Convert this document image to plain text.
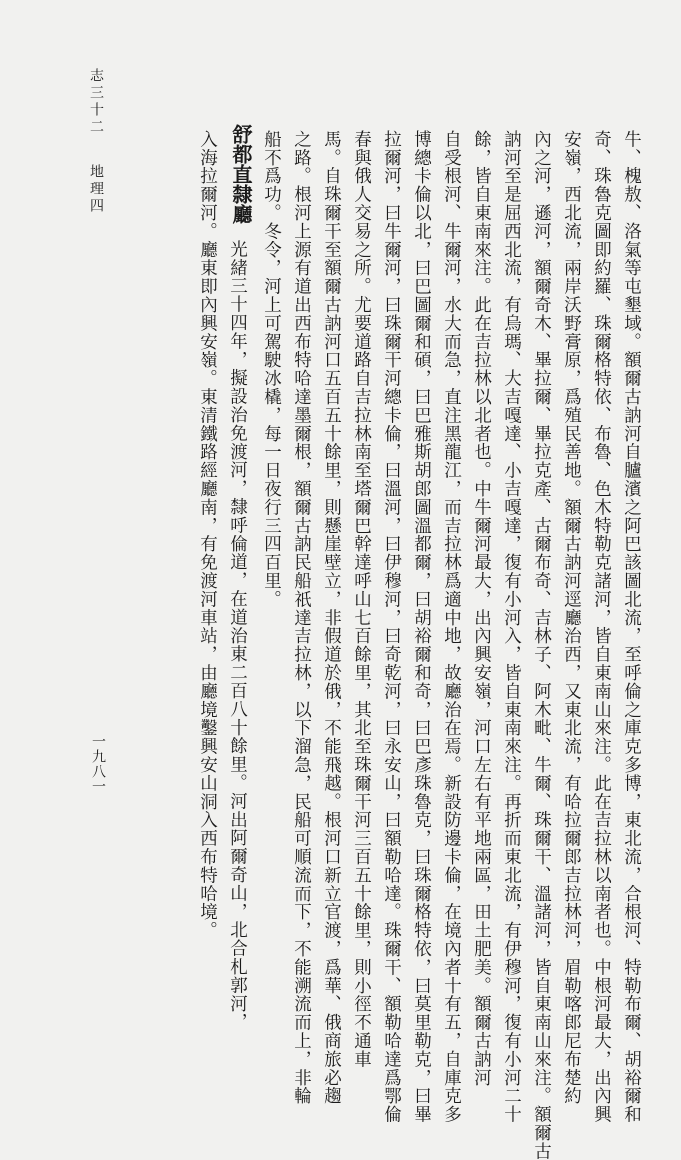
牛、槐敖、洛氣等屯墾域。額爾古訥河自臚濱之阿巴該圖北流，至呼倫之庫克多博，東北流，合根河、特勒布爾、胡裕爾和
奇、珠魯克圖即約羅、珠爾格特依、布魯、色木特勒克諸河，皆自東南山來注。此在吉拉林以南者也。中根河最大，出內興
安嶺，西北流，兩岸沃野膏原，爲殖民善地。額爾古訥河逕廳治西，又東北流，有哈拉爾郎吉拉林河，眉勒喀郎尼布楚約
內之河，遜河，額爾奇木、畢拉爾、畢拉克產、古爾布奇、吉林子、阿木毗、牛爾、珠爾干、溫諸河，皆自東南山來注。額爾古
訥河至是屈西北流，有烏瑪、大吉嘎達、小吉嘎達，復有小河入，皆自東南來注。再折而東北流，有伊穆河，復有小河二十
餘，皆自東南來注。此在吉拉林以北者也。中牛爾河最大，出內興安嶺，河口左右有平地兩區，田土肥美。額爾古訥河
自受根河、牛爾河，水大而急，直注黑龍江，而吉拉林爲適中地，故廳治在焉。新設防邊卡倫，在境內者十有五，自庫克多
博總卡倫以北，曰巴圖爾和碩，曰巴雅斯胡郎圖溫都爾，曰胡裕爾和奇，曰巴彥珠魯克，曰珠爾格特依，曰莫里勒克，曰畢
拉爾河，曰牛爾河，曰珠爾干河總卡倫，曰溫河，曰伊穆河，曰奇乾河，曰永安山，曰額勒哈達。珠爾干、額勒哈達爲鄂倫
春與俄人交易之所。尤要道路自吉拉林南至塔爾巴幹達呼山七百餘里，其北至珠爾干河三百五十餘里，則小徑不通車
馬。自珠爾干至額爾古訥河口五百五十餘里，則懸崖壁立，非假道於俄，不能飛越。根河口新立官渡，爲華、俄商旅必趨
之路。根河上源有道出西布特哈達墨爾根，額爾古訥民船祇達吉拉林，以下溜急，民船可順流而下，不能溯流而上，非輪
船不爲功。冬令，河上可駕駛冰橇，每一日夜行三四百里。
舒都直隸廳
光緒三十四年，擬設治免渡河，隸呼倫道，在道治東二百八十餘里。河出阿爾奇山，北合札郭河，
入海拉爾河。廳東即內興安嶺。東清鐵路經廳南，有免渡河車站，由廳境鑿興安山洞入西布特哈境。
志三十二地理四
一九八一
